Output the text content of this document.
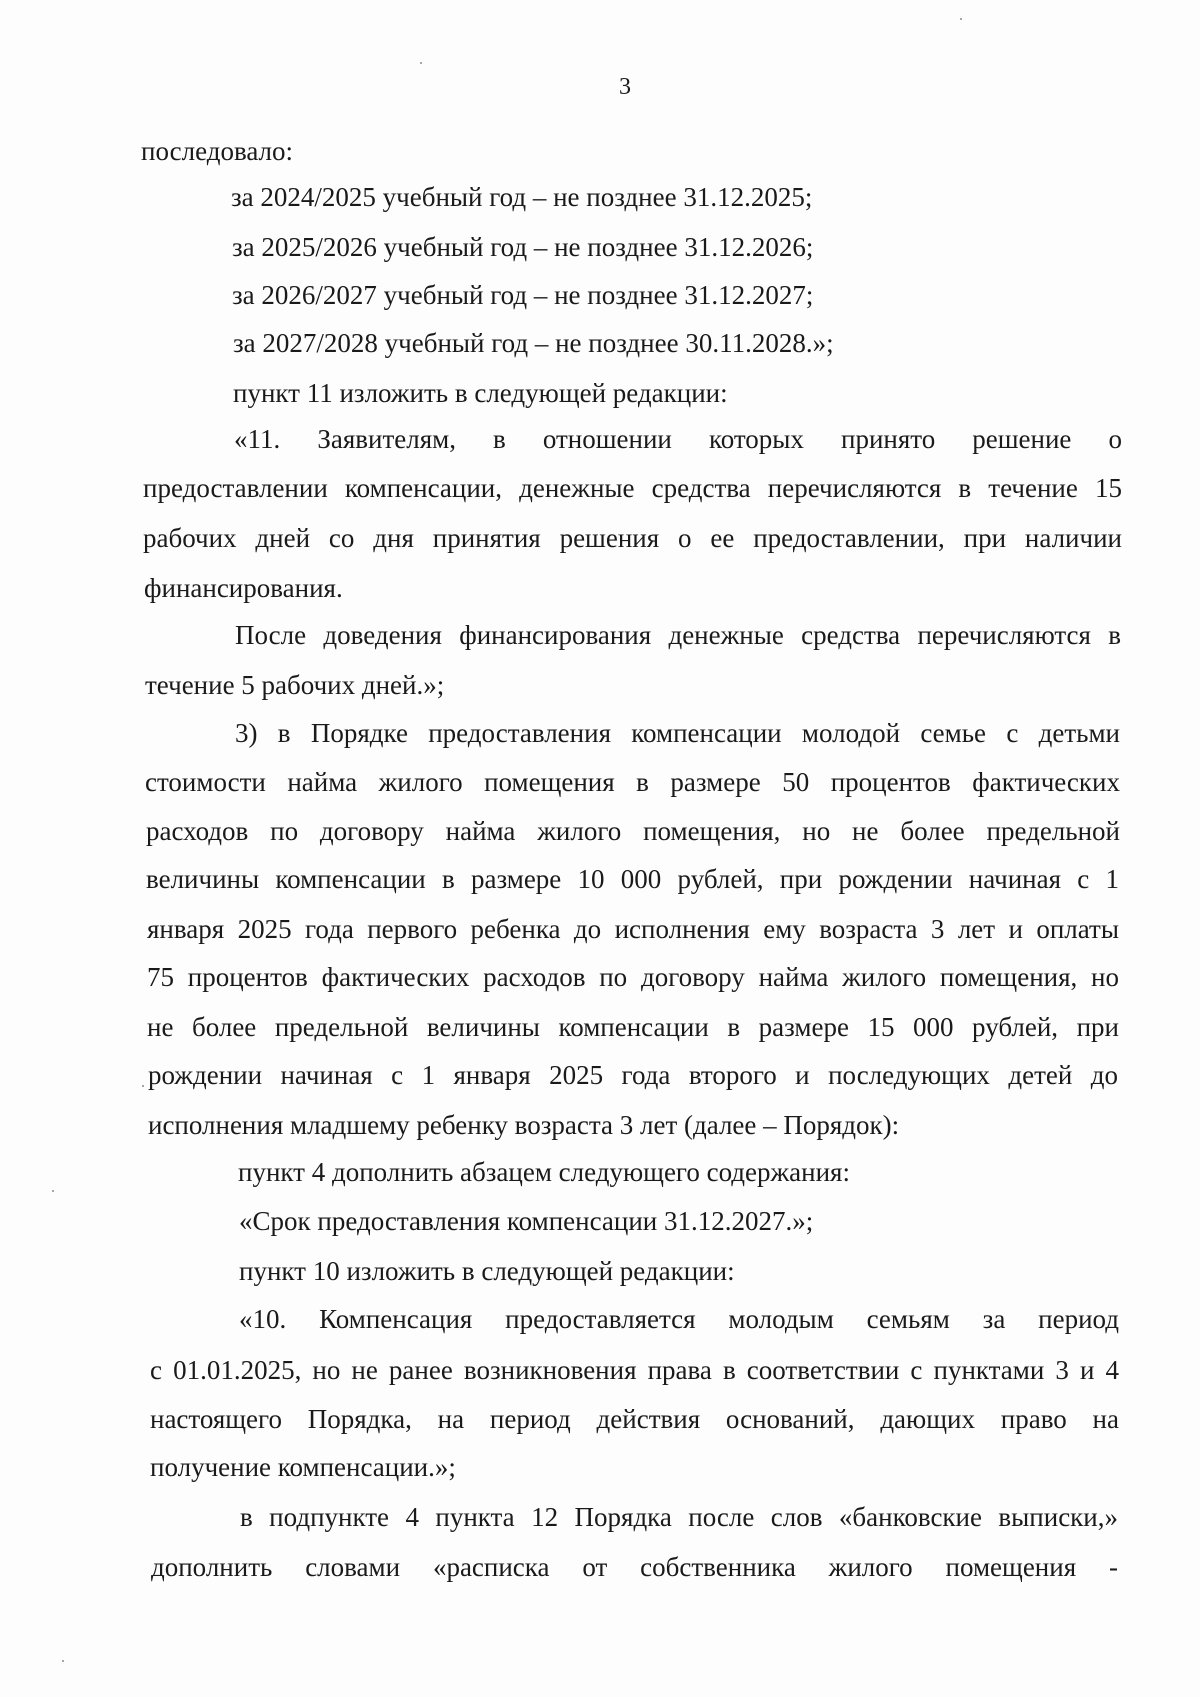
3
последовало:
за 2024/2025 учебный год – не позднее 31.12.2025;
за 2025/2026 учебный год – не позднее 31.12.2026;
за 2026/2027 учебный год – не позднее 31.12.2027;
за 2027/2028 учебный год – не позднее 30.11.2028.»;
пункт 11 изложить в следующей редакции:
«11. Заявителям, в отношении которых принято решение о
предоставлении компенсации, денежные средства перечисляются в течение 15
рабочих дней со дня принятия решения о ее предоставлении, при наличии
финансирования.
После доведения финансирования денежные средства перечисляются в
течение 5 рабочих дней.»;
3) в Порядке предоставления компенсации молодой семье с детьми
стоимости найма жилого помещения в размере 50 процентов фактических
расходов по договору найма жилого помещения, но не более предельной
величины компенсации в размере 10 000 рублей, при рождении начиная с 1
января 2025 года первого ребенка до исполнения ему возраста 3 лет и оплаты
75 процентов фактических расходов по договору найма жилого помещения, но
не более предельной величины компенсации в размере 15 000 рублей, при
рождении начиная с 1 января 2025 года второго и последующих детей до
исполнения младшему ребенку возраста 3 лет (далее – Порядок):
пункт 4 дополнить абзацем следующего содержания:
«Срок предоставления компенсации 31.12.2027.»;
пункт 10 изложить в следующей редакции:
«10. Компенсация предоставляется молодым семьям за период
с 01.01.2025, но не ранее возникновения права в соответствии с пунктами 3 и 4
настоящего Порядка, на период действия оснований, дающих право на
получение компенсации.»;
в подпункте 4 пункта 12 Порядка после слов «банковские выписки,»
дополнить словами «расписка от собственника жилого помещения -
